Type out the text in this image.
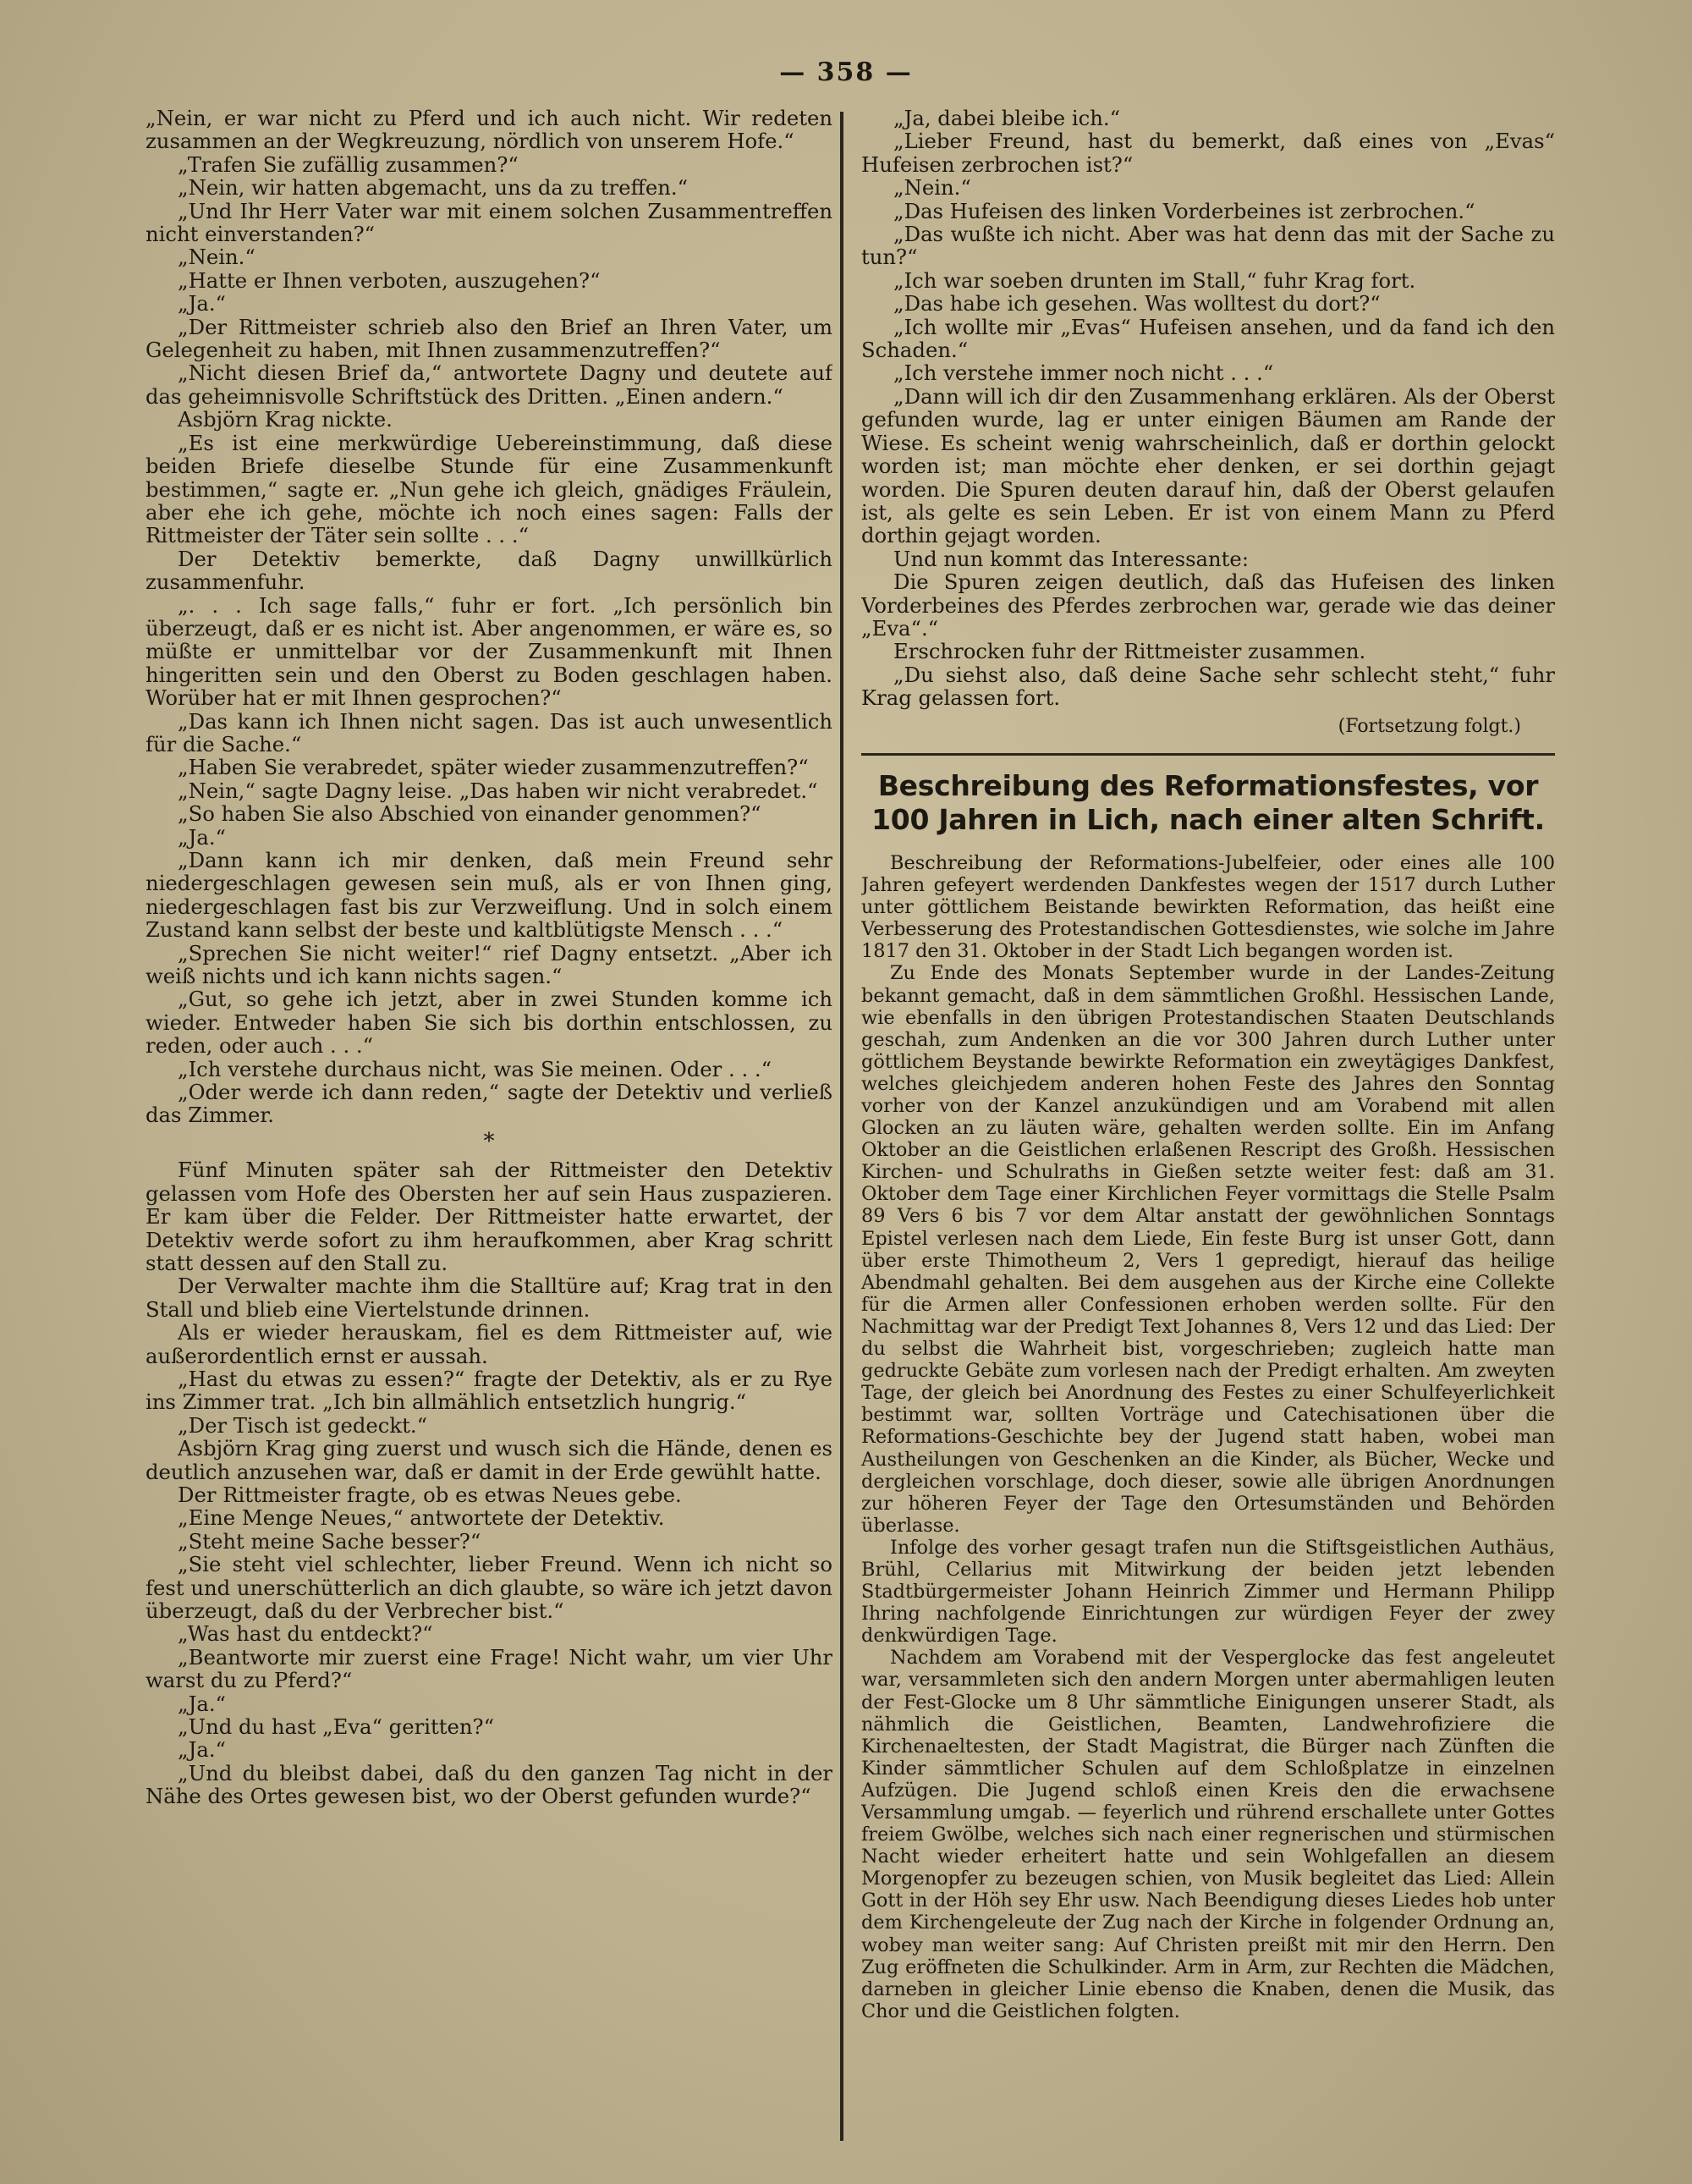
— 358 —

„Nein, er war nicht zu Pferd und ich auch nicht. Wir redeten zusammen an der Wegkreuzung, nördlich von unserem Hofe.“

„Trafen Sie zufällig zusammen?“

„Nein, wir hatten abgemacht, uns da zu treffen.“

„Und Ihr Herr Vater war mit einem solchen Zusammentreffen nicht einverstanden?“

„Nein.“

„Hatte er Ihnen verboten, auszugehen?“

„Ja.“

„Der Rittmeister schrieb also den Brief an Ihren Vater, um Gelegenheit zu haben, mit Ihnen zusammenzutreffen?“

„Nicht diesen Brief da,“ antwortete Dagny und deutete auf das geheimnisvolle Schriftstück des Dritten. „Einen andern.“

Asbjörn Krag nickte.

„Es ist eine merkwürdige Uebereinstimmung, daß diese beiden Briefe dieselbe Stunde für eine Zusammenkunft bestimmen,“ sagte er. „Nun gehe ich gleich, gnädiges Fräulein, aber ehe ich gehe, möchte ich noch eines sagen: Falls der Rittmeister der Täter sein sollte . . .“

Der Detektiv bemerkte, daß Dagny unwillkürlich zusammenfuhr.

„. . . Ich sage falls,“ fuhr er fort. „Ich persönlich bin überzeugt, daß er es nicht ist. Aber angenommen, er wäre es, so müßte er unmittelbar vor der Zusammenkunft mit Ihnen hingeritten sein und den Oberst zu Boden geschlagen haben. Worüber hat er mit Ihnen gesprochen?“

„Das kann ich Ihnen nicht sagen. Das ist auch unwesentlich für die Sache.“

„Haben Sie verabredet, später wieder zusammenzutreffen?“

„Nein,“ sagte Dagny leise. „Das haben wir nicht verabredet.“

„So haben Sie also Abschied von einander genommen?“

„Ja.“

„Dann kann ich mir denken, daß mein Freund sehr niedergeschlagen gewesen sein muß, als er von Ihnen ging, niedergeschlagen fast bis zur Verzweiflung. Und in solch einem Zustand kann selbst der beste und kaltblütigste Mensch . . .“

„Sprechen Sie nicht weiter!“ rief Dagny entsetzt. „Aber ich weiß nichts und ich kann nichts sagen.“

„Gut, so gehe ich jetzt, aber in zwei Stunden komme ich wieder. Entweder haben Sie sich bis dorthin entschlossen, zu reden, oder auch . . .“

„Ich verstehe durchaus nicht, was Sie meinen. Oder . . .“

„Oder werde ich dann reden,“ sagte der Detektiv und verließ das Zimmer.

*

Fünf Minuten später sah der Rittmeister den Detektiv gelassen vom Hofe des Obersten her auf sein Haus zuspazieren. Er kam über die Felder. Der Rittmeister hatte erwartet, der Detektiv werde sofort zu ihm heraufkommen, aber Krag schritt statt dessen auf den Stall zu.

Der Verwalter machte ihm die Stalltüre auf; Krag trat in den Stall und blieb eine Viertelstunde drinnen.

Als er wieder herauskam, fiel es dem Rittmeister auf, wie außerordentlich ernst er aussah.

„Hast du etwas zu essen?“ fragte der Detektiv, als er zu Rye ins Zimmer trat. „Ich bin allmählich entsetzlich hungrig.“

„Der Tisch ist gedeckt.“

Asbjörn Krag ging zuerst und wusch sich die Hände, denen es deutlich anzusehen war, daß er damit in der Erde gewühlt hatte.

Der Rittmeister fragte, ob es etwas Neues gebe.

„Eine Menge Neues,“ antwortete der Detektiv.

„Steht meine Sache besser?“

„Sie steht viel schlechter, lieber Freund. Wenn ich nicht so fest und unerschütterlich an dich glaubte, so wäre ich jetzt davon überzeugt, daß du der Verbrecher bist.“

„Was hast du entdeckt?“

„Beantworte mir zuerst eine Frage! Nicht wahr, um vier Uhr warst du zu Pferd?“

„Ja.“

„Und du hast „Eva“ geritten?“

„Ja.“

„Und du bleibst dabei, daß du den ganzen Tag nicht in der Nähe des Ortes gewesen bist, wo der Oberst gefunden wurde?“

„Ja, dabei bleibe ich.“

„Lieber Freund, hast du bemerkt, daß eines von „Evas“ Hufeisen zerbrochen ist?“

„Nein.“

„Das Hufeisen des linken Vorderbeines ist zerbrochen.“

„Das wußte ich nicht. Aber was hat denn das mit der Sache zu tun?“

„Ich war soeben drunten im Stall,“ fuhr Krag fort.

„Das habe ich gesehen. Was wolltest du dort?“

„Ich wollte mir „Evas“ Hufeisen ansehen, und da fand ich den Schaden.“

„Ich verstehe immer noch nicht . . .“

„Dann will ich dir den Zusammenhang erklären. Als der Oberst gefunden wurde, lag er unter einigen Bäumen am Rande der Wiese. Es scheint wenig wahrscheinlich, daß er dorthin gelockt worden ist; man möchte eher denken, er sei dorthin gejagt worden. Die Spuren deuten darauf hin, daß der Oberst gelaufen ist, als gelte es sein Leben. Er ist von einem Mann zu Pferd dorthin gejagt worden.

Und nun kommt das Interessante:

Die Spuren zeigen deutlich, daß das Hufeisen des linken Vorderbeines des Pferdes zerbrochen war, gerade wie das deiner „Eva“.“

Erschrocken fuhr der Rittmeister zusammen.

„Du siehst also, daß deine Sache sehr schlecht steht,“ fuhr Krag gelassen fort.

(Fortsetzung folgt.)
Beschreibung des Reformationsfestes, vor 100 Jahren in Lich, nach einer alten Schrift.

Beschreibung der Reformations-Jubelfeier, oder eines alle 100 Jahren gefeyert werdenden Dankfestes wegen der 1517 durch Luther unter göttlichem Beistande bewirkten Reformation, das heißt eine Verbesserung des Protestandischen Gottesdienstes, wie solche im Jahre 1817 den 31. Oktober in der Stadt Lich begangen worden ist.

Zu Ende des Monats September wurde in der Landes-Zeitung bekannt gemacht, daß in dem sämmtlichen Großhl. Hessischen Lande, wie ebenfalls in den übrigen Protestandischen Staaten Deutschlands geschah, zum Andenken an die vor 300 Jahren durch Luther unter göttlichem Beystande bewirkte Reformation ein zweytägiges Dankfest, welches gleichjedem anderen hohen Feste des Jahres den Sonntag vorher von der Kanzel anzukündigen und am Vorabend mit allen Glocken an zu läuten wäre, gehalten werden sollte. Ein im Anfang Oktober an die Geistlichen erlaßenen Rescript des Großh. Hessischen Kirchen- und Schulraths in Gießen setzte weiter fest: daß am 31. Oktober dem Tage einer Kirchlichen Feyer vormittags die Stelle Psalm 89 Vers 6 bis 7 vor dem Altar anstatt der gewöhnlichen Sonntags Epistel verlesen nach dem Liede, Ein feste Burg ist unser Gott, dann über erste Thimotheum 2, Vers 1 gepredigt, hierauf das heilige Abendmahl gehalten. Bei dem ausgehen aus der Kirche eine Collekte für die Armen aller Confessionen erhoben werden sollte. Für den Nachmittag war der Predigt Text Johannes 8, Vers 12 und das Lied: Der du selbst die Wahrheit bist, vorgeschrieben; zugleich hatte man gedruckte Gebäte zum vorlesen nach der Predigt erhalten. Am zweyten Tage, der gleich bei Anordnung des Festes zu einer Schulfeyerlichkeit bestimmt war, sollten Vorträge und Catechisationen über die Reformations-Geschichte bey der Jugend statt haben, wobei man Austheilungen von Geschenken an die Kinder, als Bücher, Wecke und dergleichen vorschlage, doch dieser, sowie alle übrigen Anordnungen zur höheren Feyer der Tage den Ortesumständen und Behörden überlasse.

Infolge des vorher gesagt trafen nun die Stiftsgeistlichen Authäus, Brühl, Cellarius mit Mitwirkung der beiden jetzt lebenden Stadtbürgermeister Johann Heinrich Zimmer und Hermann Philipp Ihring nachfolgende Einrichtungen zur würdigen Feyer der zwey denkwürdigen Tage.

Nachdem am Vorabend mit der Vesperglocke das fest angeleutet war, versammleten sich den andern Morgen unter abermahligen leuten der Fest-Glocke um 8 Uhr sämmtliche Einigungen unserer Stadt, als nähmlich die Geistlichen, Beamten, Landwehrofiziere die Kirchenaeltesten, der Stadt Magistrat, die Bürger nach Zünften die Kinder sämmtlicher Schulen auf dem Schloßplatze in einzelnen Aufzügen. Die Jugend schloß einen Kreis den die erwachsene Versammlung umgab. — feyerlich und rührend erschallete unter Gottes freiem Gwölbe, welches sich nach einer regnerischen und stürmischen Nacht wieder erheitert hatte und sein Wohlgefallen an diesem Morgenopfer zu bezeugen schien, von Musik begleitet das Lied: Allein Gott in der Höh sey Ehr usw. Nach Beendigung dieses Liedes hob unter dem Kirchengeleute der Zug nach der Kirche in folgender Ordnung an, wobey man weiter sang: Auf Christen preißt mit mir den Herrn. Den Zug eröffneten die Schulkinder. Arm in Arm, zur Rechten die Mädchen, darneben in gleicher Linie ebenso die Knaben, denen die Musik, das Chor und die Geistlichen folgten.
